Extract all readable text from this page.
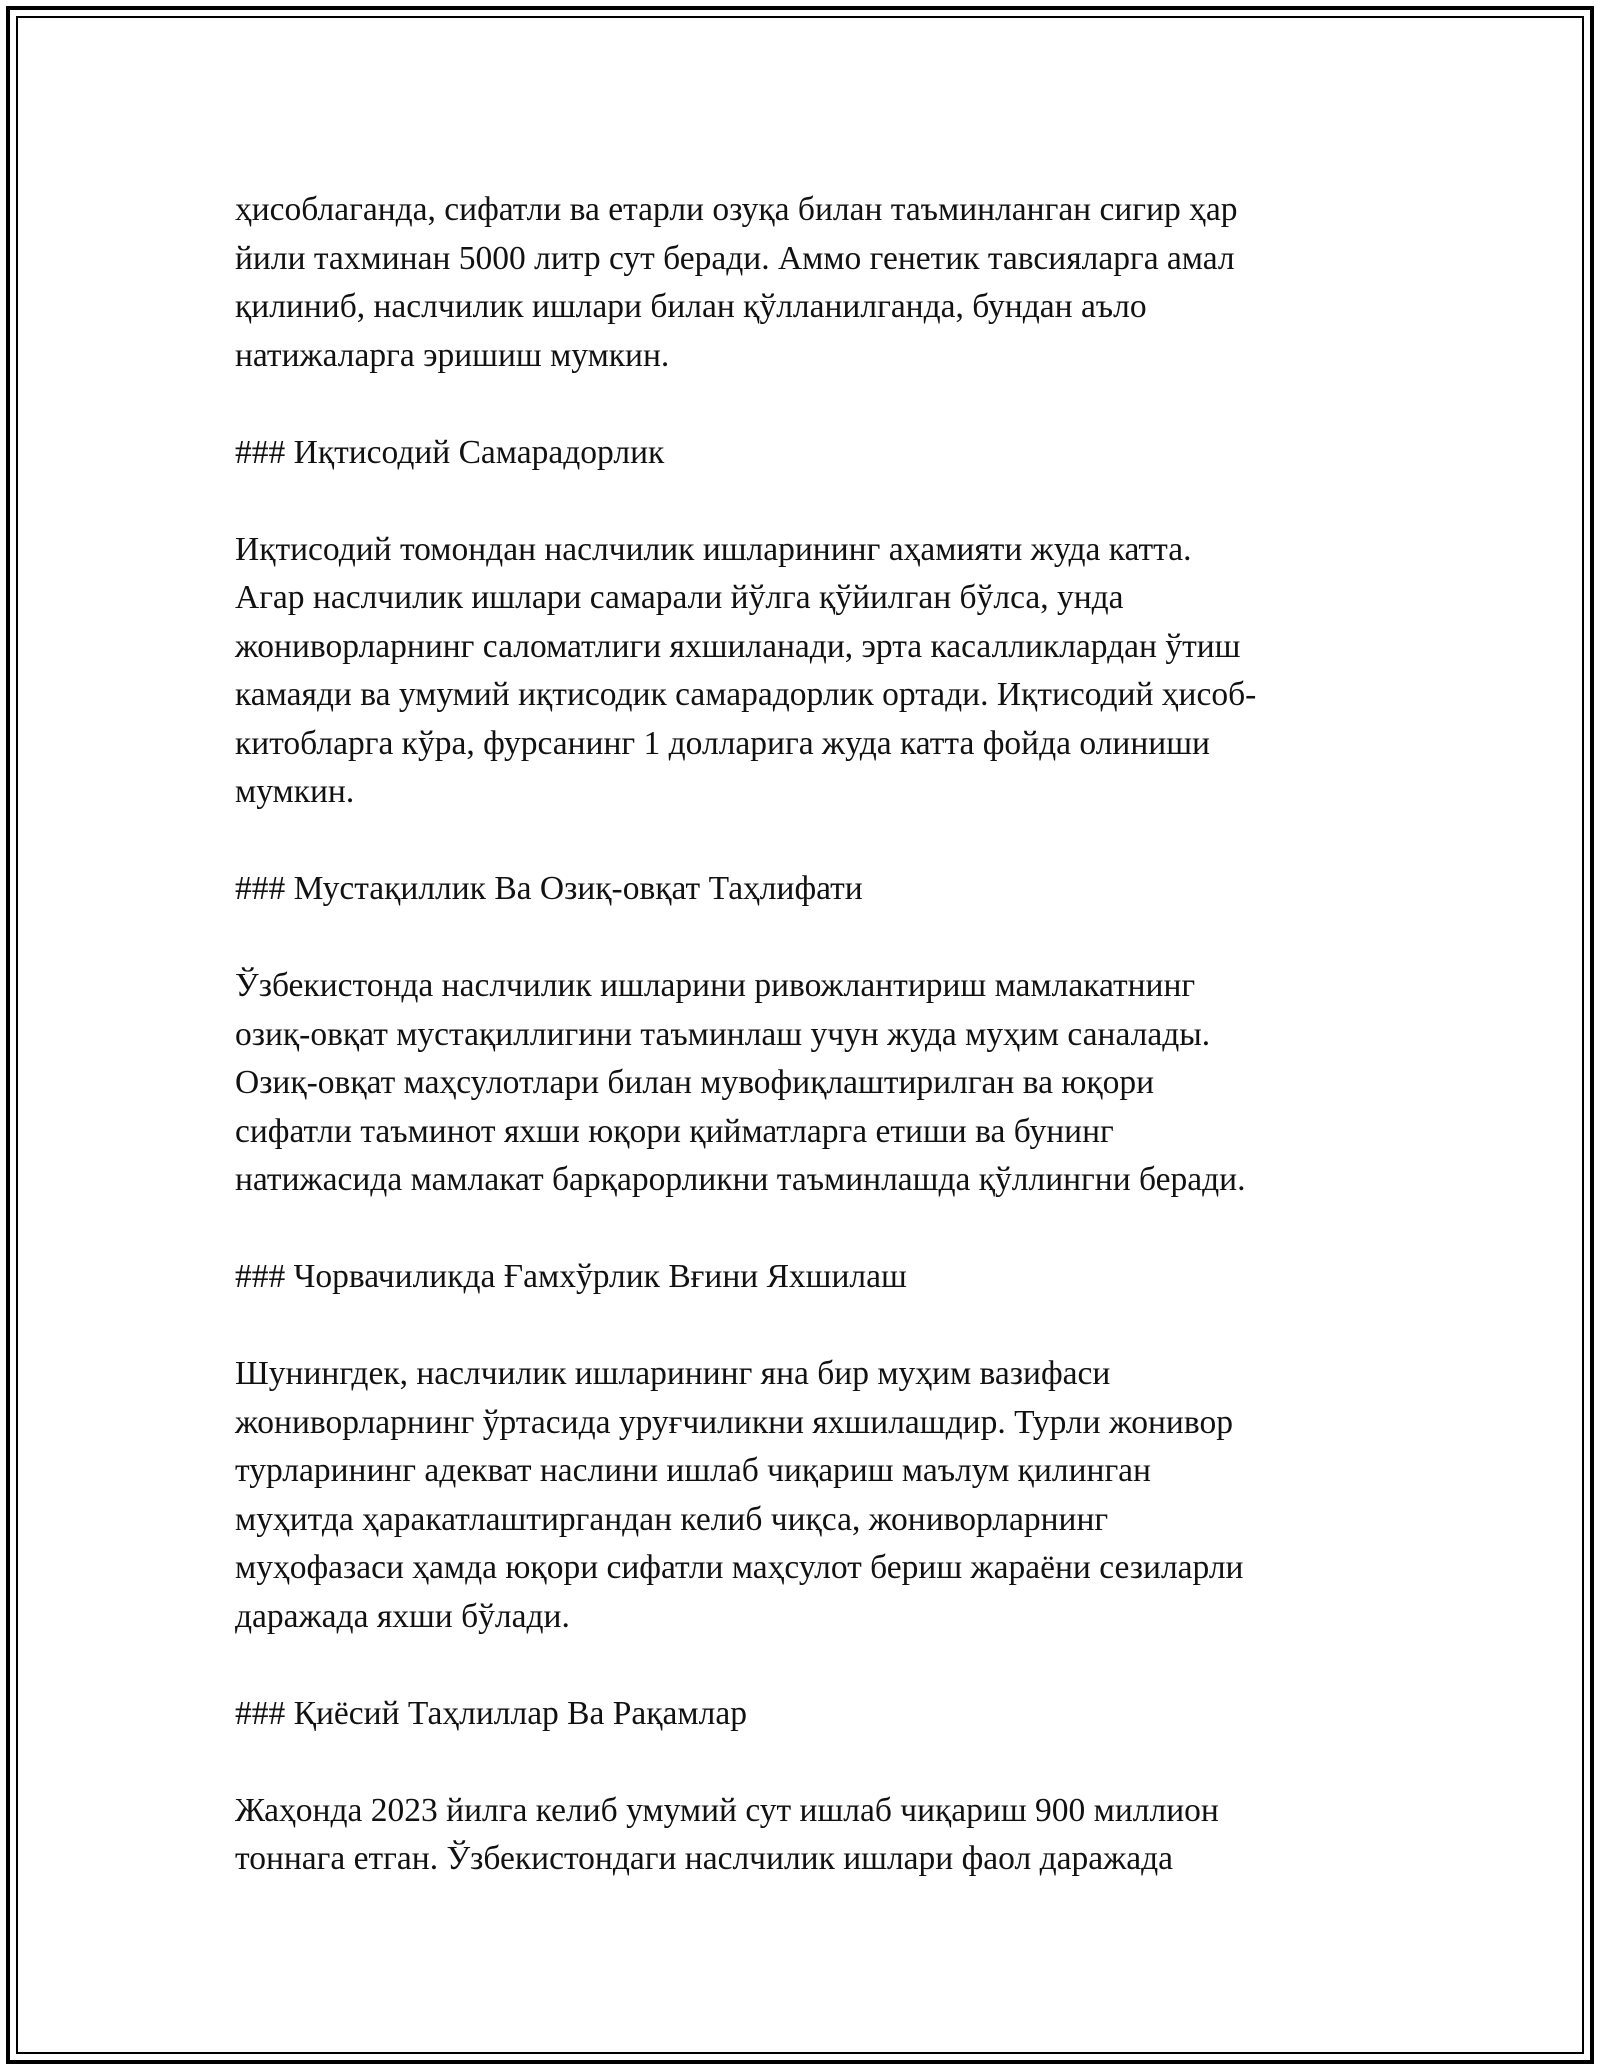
ҳисоблаганда, сифатли ва етарли озуқа билан таъминланган сигир ҳар

йили тахминан 5000 литр сут беради. Аммо генетик тавсияларга амал

қилиниб, наслчилик ишлари билан қўлланилганда, бундан аъло

натижаларга эришиш мумкин.

### Иқтисодий Самарадорлик

Иқтисодий томондан наслчилик ишларининг аҳамияти жуда катта.

Агар наслчилик ишлари самарали йўлга қўйилган бўлса, унда

жониворларнинг саломатлиги яхшиланади, эрта касалликлардан ўтиш

камаяди ва умумий иқтисодик самарадорлик ортади. Иқтисодий ҳисоб-

китобларга кўра, фурсанинг 1 долларига жуда катта фойда олиниши

мумкин.

### Мустақиллик Ва Озиқ-овқат Таҳлифати

Ўзбекистонда наслчилик ишларини ривожлантириш мамлакатнинг

озиқ-овқат мустақиллигини таъминлаш учун жуда муҳим саналады.

Озиқ-овқат маҳсулотлари билан мувофиқлаштирилган ва юқори

сифатли таъминот яхши юқори қийматларга етиши ва бунинг

натижасида мамлакат барқарорликни таъминлашда қўллингни беради.

### Чорвачиликда Ғамхўрлик Вғини Яхшилаш

Шунингдек, наслчилик ишларининг яна бир муҳим вазифаси

жониворларнинг ўртасида уруғчиликни яхшилашдир. Турли жонивор

турларининг адекват наслини ишлаб чиқариш маълум қилинган

муҳитда ҳаракатлаштиргандан келиб чиқса, жониворларнинг

муҳофазаси ҳамда юқори сифатли маҳсулот бериш жараёни сезиларли

даражада яхши бўлади.

### Қиёсий Таҳлиллар Ва Рақамлар

Жаҳонда 2023 йилга келиб умумий сут ишлаб чиқариш 900 миллион

тоннага етган. Ўзбекистондаги наслчилик ишлари фаол даражада
